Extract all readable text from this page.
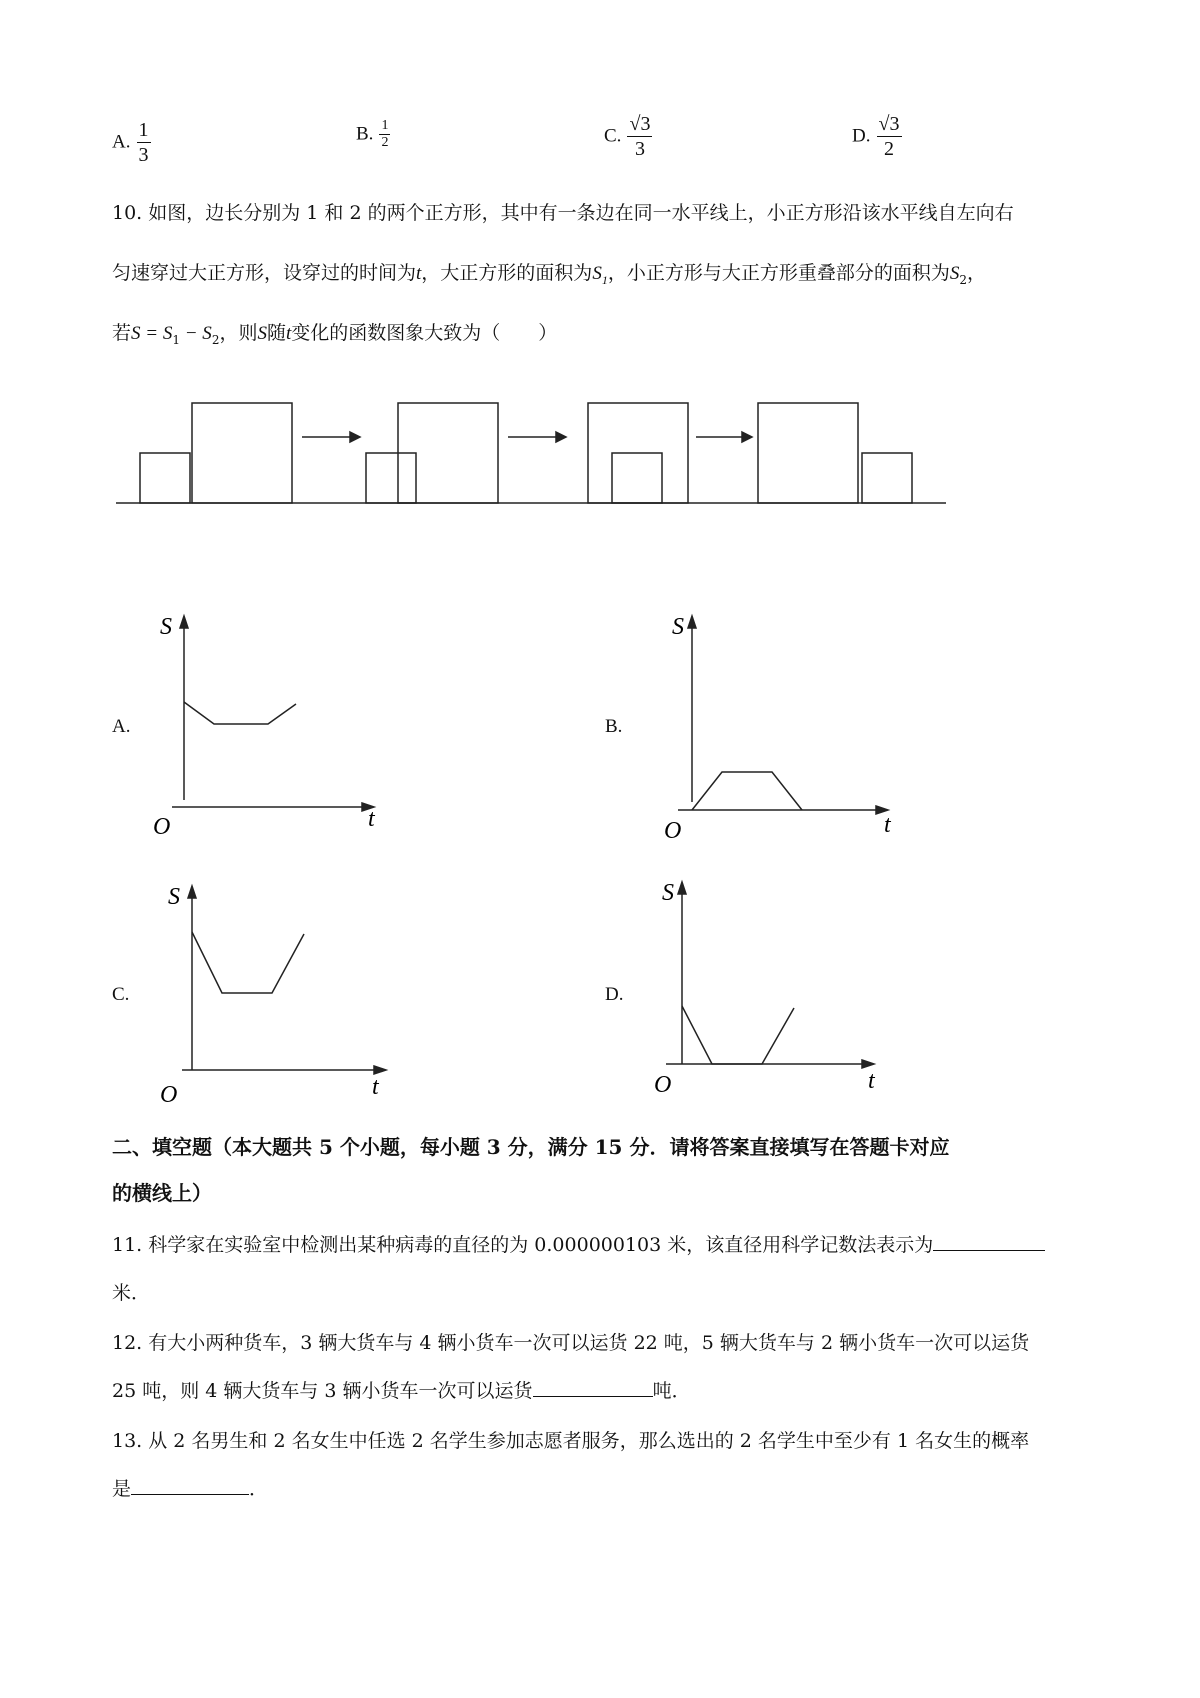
A. $\frac{1}{3}$	B. $\frac{1}{2}$	C. $\frac{√3}{3}$	D. $\frac{√3}{2}$
10. 如图，边长分别为 1 和 2 的两个正方形，其中有一条边在同一水平线上，小正方形沿该水平线自左向右
匀速穿过大正方形，设穿过的时间为t，大正方形的面积为$S_1$，小正方形与大正方形重叠部分的面积为$S_2$，
若$S = S_1 - S_2$，则S随t变化的函数图象大致为（　　）
A.
S
t
O
B.
S
t
O
C.
S
t
O
D.
S
t
O
二、填空题（本大题共 5 个小题，每小题 3 分，满分 15 分．请将答案直接填写在答题卡对应
的横线上）
11. 科学家在实验室中检测出某种病毒的直径的为 0.000000103 米，该直径用科学记数法表示为
米．
12. 有大小两种货车，3 辆大货车与 4 辆小货车一次可以运货 22 吨，5 辆大货车与 2 辆小货车一次可以运货
25 吨，则 4 辆大货车与 3 辆小货车一次可以运货	吨．
13. 从 2 名男生和 2 名女生中任选 2 名学生参加志愿者服务，那么选出的 2 名学生中至少有 1 名女生的概率
是	．
